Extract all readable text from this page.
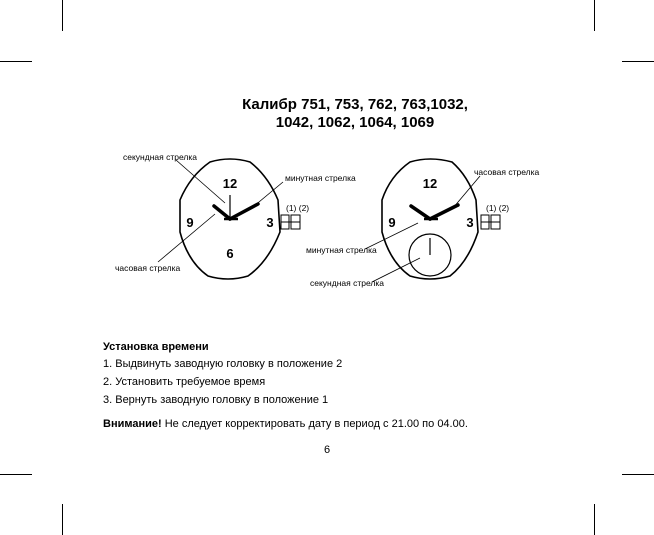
Калибр 751, 753, 762, 763,1032,
1042, 1062, 1064, 1069
12
9	3
6
секундная стрелка
минутная стрелка
часовая стрелка
(1) (2)
12
9	3
часовая стрелка
минутная стрелка
секундная стрелка
(1) (2)
Установка времени
1. Выдвинуть заводную головку в положение 2
2. Установить требуемое время
3. Вернуть заводную головку в положение 1
Внимание! Не следует корректировать дату в период с 21.00 по 04.00.
6
